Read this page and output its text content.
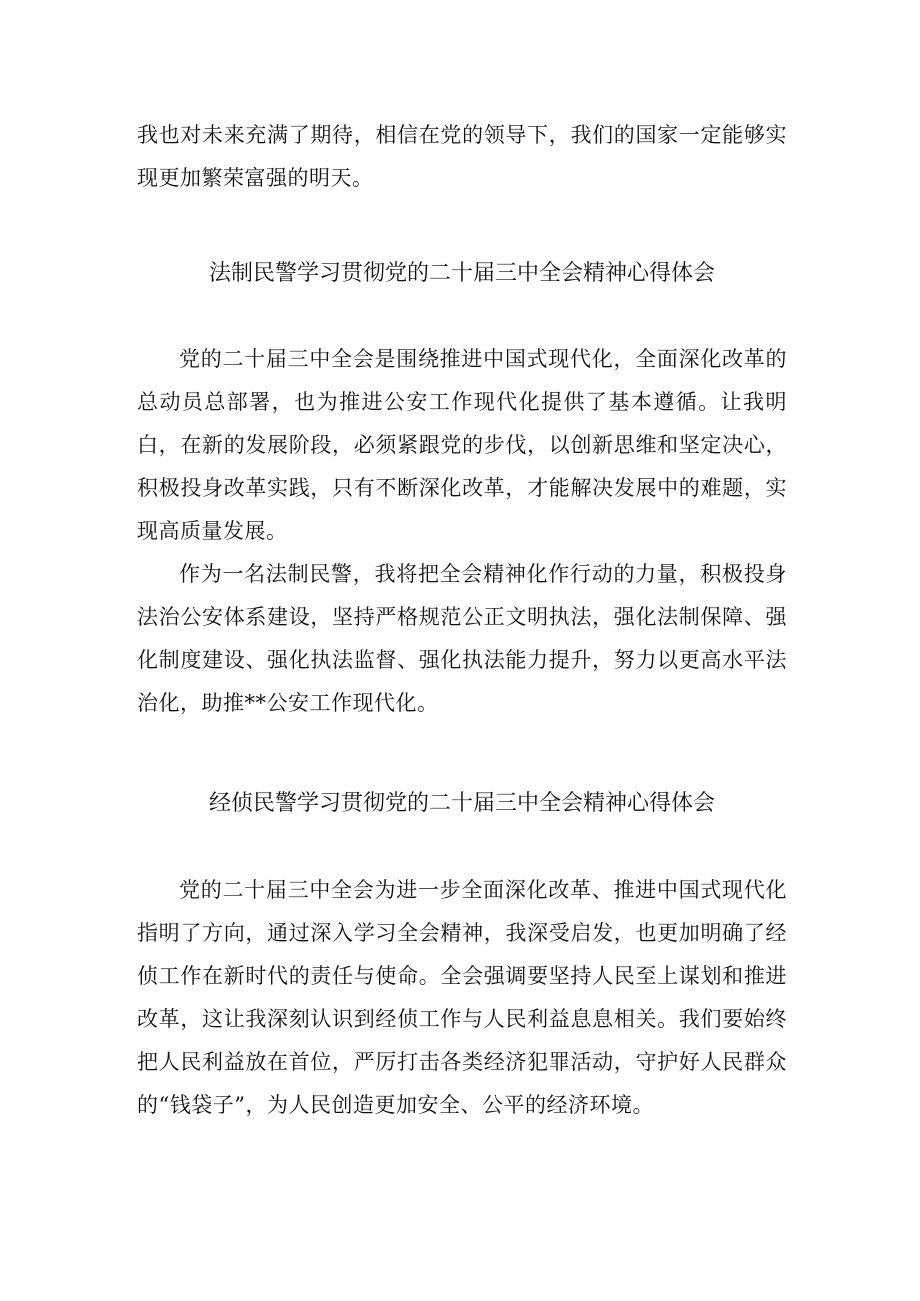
我也对未来充满了期待，相信在党的领导下，我们的国家一定能够实现更加繁荣富强的明天。

法制民警学习贯彻党的二十届三中全会精神心得体会

党的二十届三中全会是围绕推进中国式现代化，全面深化改革的总动员总部署，也为推进公安工作现代化提供了基本遵循。让我明白，在新的发展阶段，必须紧跟党的步伐，以创新思维和坚定决心，积极投身改革实践，只有不断深化改革，才能解决发展中的难题，实现高质量发展。

作为一名法制民警，我将把全会精神化作行动的力量，积极投身法治公安体系建设，坚持严格规范公正文明执法，强化法制保障、强化制度建设、强化执法监督、强化执法能力提升，努力以更高水平法治化，助推**公安工作现代化。

经侦民警学习贯彻党的二十届三中全会精神心得体会

党的二十届三中全会为进一步全面深化改革、推进中国式现代化指明了方向，通过深入学习全会精神，我深受启发，也更加明确了经侦工作在新时代的责任与使命。全会强调要坚持人民至上谋划和推进改革，这让我深刻认识到经侦工作与人民利益息息相关。我们要始终把人民利益放在首位，严厉打击各类经济犯罪活动，守护好人民群众的“钱袋子”，为人民创造更加安全、公平的经济环境。
